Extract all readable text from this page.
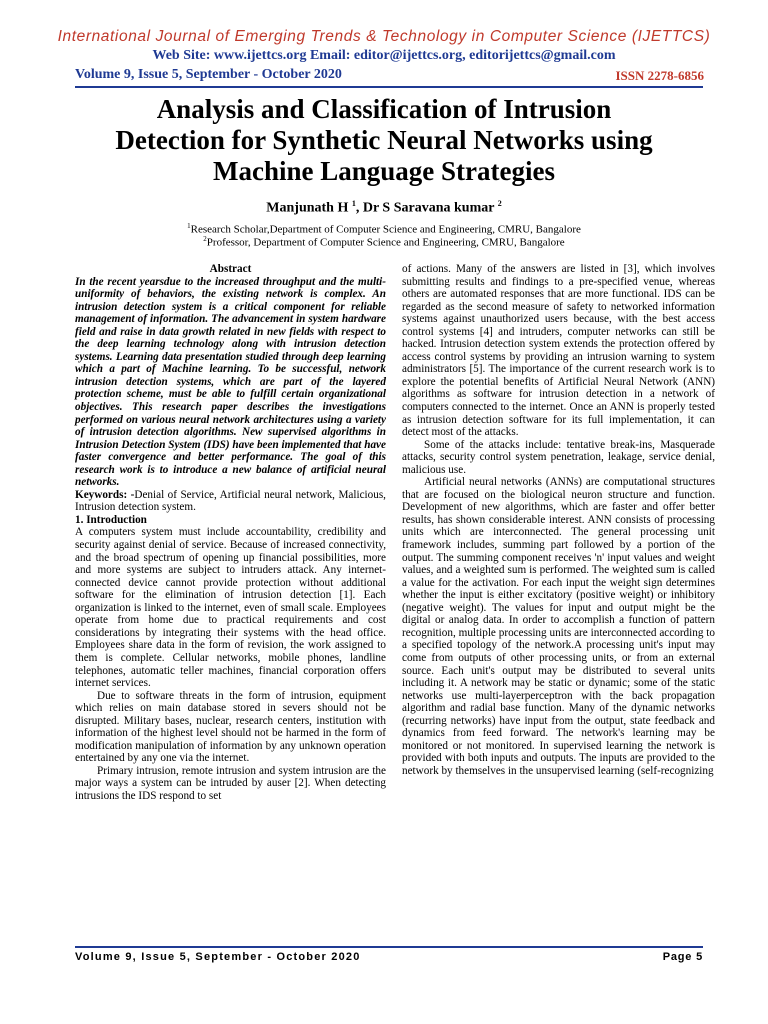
International Journal of Emerging Trends & Technology in Computer Science (IJETTCS)
Web Site: www.ijettcs.org Email: editor@ijettcs.org, editorijettcs@gmail.com
Volume 9, Issue 5, September - October 2020	ISSN 2278-6856
Analysis and Classification of Intrusion
Detection for Synthetic Neural Networks using
Machine Language Strategies
Manjunath H $^1$, Dr S Saravana kumar $^2$
$^1$Research Scholar,Department of Computer Science and Engineering, CMRU, Bangalore
$^2$Professor, Department of Computer Science and Engineering, CMRU, Bangalore

Abstract

In the recent yearsdue to the increased throughput and the multi-uniformity of behaviors, the existing network is complex. An intrusion detection system is a critical component for reliable management of information. The advancement in system hardware field and raise in data growth related in new fields with respect to the deep learning technology along with intrusion detection systems. Learning data presentation studied through deep learning which a part of Machine learning. To be successful, network intrusion detection systems, which are part of the layered protection scheme, must be able to fulfill certain organizational objectives. This research paper describes the investigations performed on various neural network architectures using a variety of intrusion detection algorithms. New supervised algorithms in Intrusion Detection System (IDS) have been implemented that have faster convergence and better performance. The goal of this research work is to introduce a new balance of artificial neural networks.

Keywords: -Denial of Service, Artificial neural network, Malicious, Intrusion detection system.

1. Introduction

A computers system must include accountability, credibility and security against denial of service. Because of increased connectivity, and the broad spectrum of opening up financial possibilities, more and more systems are subject to intruders attack. Any internet-connected device cannot provide protection without additional software for the elimination of intrusion detection [1]. Each organization is linked to the internet, even of small scale. Employees operate from home due to practical requirements and cost considerations by integrating their systems with the head office. Employees share data in the form of revision, the work assigned to them is complete. Cellular networks, mobile phones, landline telephones, automatic teller machines, financial corporation offers internet services.

Due to software threats in the form of intrusion, equipment which relies on main database stored in severs should not be disrupted. Military bases, nuclear, research centers, institution with information of the highest level should not be harmed in the form of modification manipulation of information by any unknown operation entertained by any one via the internet.

Primary intrusion, remote intrusion and system intrusion are the major ways a system can be intruded by auser [2]. When detecting intrusions the IDS respond to set

of actions. Many of the answers are listed in [3], which involves submitting results and findings to a pre-specified venue, whereas others are automated responses that are more functional. IDS can be regarded as the second measure of safety to networked information systems against unauthorized users because, with the best access control systems [4] and intruders, computer networks can still be hacked. Intrusion detection system extends the protection offered by access control systems by providing an intrusion warning to system administrators [5]. The importance of the current research work is to explore the potential benefits of Artificial Neural Network (ANN) algorithms as software for intrusion detection in a network of computers connected to the internet. Once an ANN is properly tested as intrusion detection software for its full implementation, it can detect most of the attacks.

Some of the attacks include: tentative break-ins, Masquerade attacks, security control system penetration, leakage, service denial, malicious use.

Artificial neural networks (ANNs) are computational structures that are focused on the biological neuron structure and function. Development of new algorithms, which are faster and offer better results, has shown considerable interest. ANN consists of processing units which are interconnected. The general processing unit framework includes, summing part followed by a portion of the output. The summing component receives 'n' input values and weight values, and a weighted sum is performed. The weighted sum is called a value for the activation. For each input the weight sign determines whether the input is either excitatory (positive weight) or inhibitory (negative weight). The values for input and output might be the digital or analog data. In order to accomplish a function of pattern recognition, multiple processing units are interconnected according to a specified topology of the network.A processing unit's input may come from outputs of other processing units, or from an external source. Each unit's output may be distributed to several units including it. A network may be static or dynamic; some of the static networks use multi-layerperceptron with the back propagation algorithm and radial base function. Many of the dynamic networks (recurring networks) have input from the output, state feedback and dynamics from feed forward. The network's learning may be monitored or not monitored. In supervised learning the network is provided with both inputs and outputs. The inputs are provided to the network by themselves in the unsupervised learning (self-recognizing

Volume 9, Issue 5, September - October 2020	Page 5
